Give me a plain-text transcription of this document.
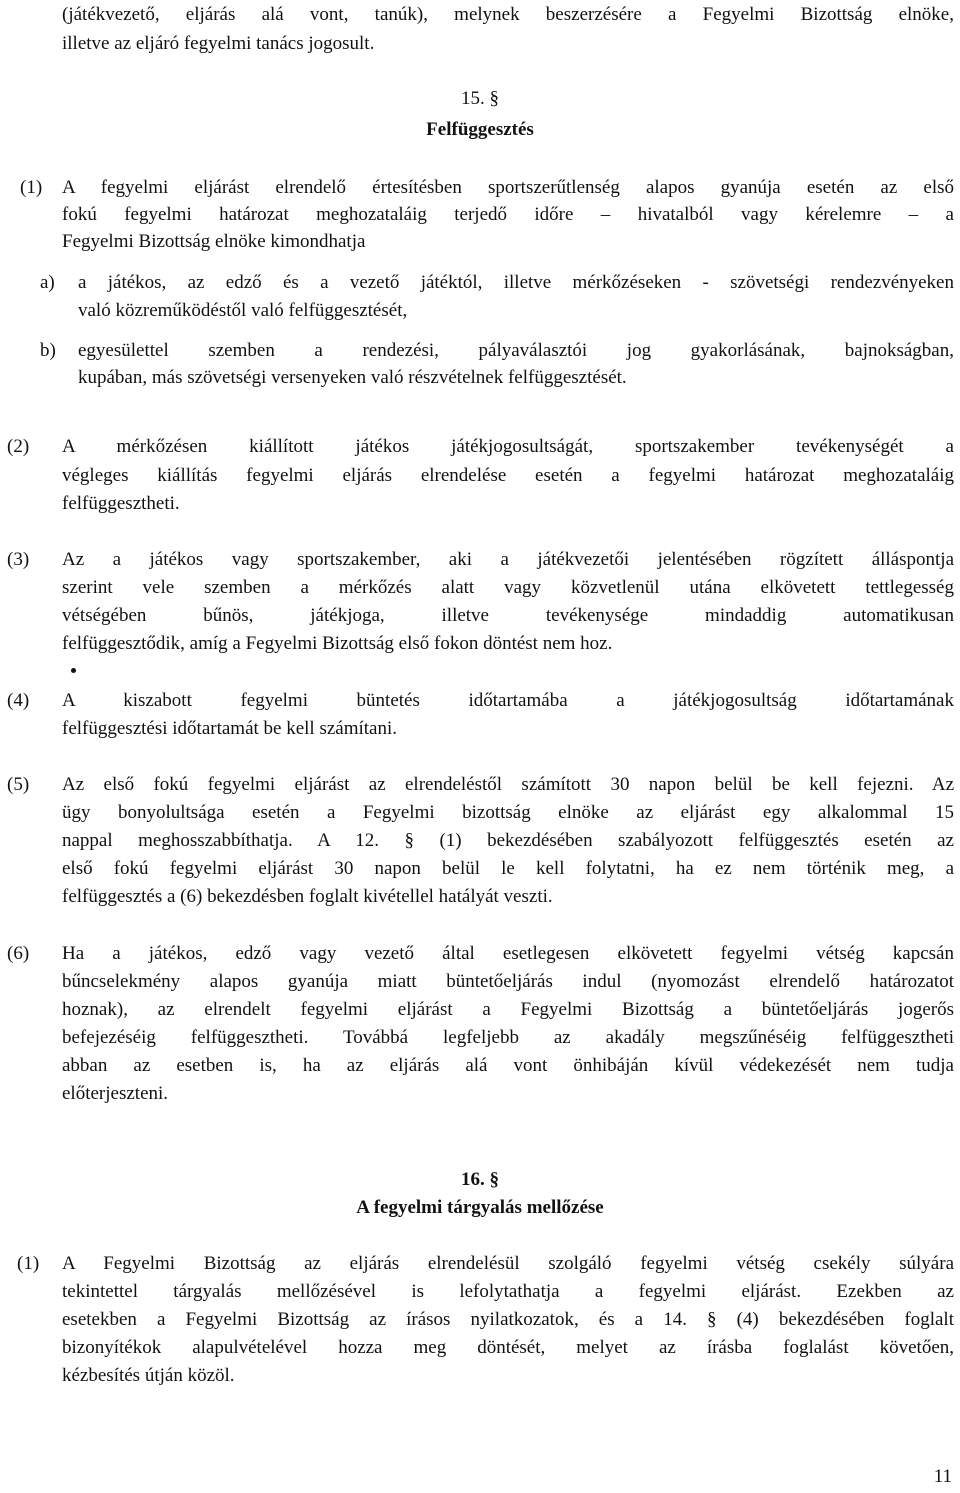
(játékvezető, eljárás alá vont, tanúk), melynek beszerzésére a Fegyelmi Bizottság elnöke,
illetve az eljáró fegyelmi tanács jogosult.
15. §
Felfüggesztés
(1) A fegyelmi eljárást elrendelő értesítésben sportszerűtlenség alapos gyanúja esetén az első
fokú fegyelmi határozat meghozataláig terjedő időre – hivatalból vagy kérelemre – a
Fegyelmi Bizottság elnöke kimondhatja
a) a játékos, az edző és a vezető játéktól, illetve mérkőzéseken - szövetségi rendezvényeken
való közreműködéstől való felfüggesztését,
b) egyesülettel szemben a rendezési, pályaválasztói jog gyakorlásának, bajnokságban,
kupában, más szövetségi versenyeken való részvételnek felfüggesztését.
(2) A mérkőzésen kiállított játékos játékjogosultságát, sportszakember tevékenységét a
végleges kiállítás fegyelmi eljárás elrendelése esetén a fegyelmi határozat meghozataláig
felfüggesztheti.
(3) Az a játékos vagy sportszakember, aki a játékvezetői jelentésében rögzített álláspontja
szerint vele szemben a mérkőzés alatt vagy közvetlenül utána elkövetett tettlegesség
vétségében bűnös, játékjoga, illetve tevékenysége mindaddig automatikusan
felfüggesztődik, amíg a Fegyelmi Bizottság első fokon döntést nem hoz.
(4) A kiszabott fegyelmi büntetés időtartamába a játékjogosultság időtartamának
felfüggesztési időtartamát be kell számítani.
(5) Az első fokú fegyelmi eljárást az elrendeléstől számított 30 napon belül be kell fejezni. Az
ügy bonyolultsága esetén a Fegyelmi bizottság elnöke az eljárást egy alkalommal 15
nappal meghosszabbíthatja. A 12. § (1) bekezdésében szabályozott felfüggesztés esetén az
első fokú fegyelmi eljárást 30 napon belül le kell folytatni, ha ez nem történik meg, a
felfüggesztés a (6) bekezdésben foglalt kivétellel hatályát veszti.
(6) Ha a játékos, edző vagy vezető által esetlegesen elkövetett fegyelmi vétség kapcsán
bűncselekmény alapos gyanúja miatt büntetőeljárás indul (nyomozást elrendelő határozatot
hoznak), az elrendelt fegyelmi eljárást a Fegyelmi Bizottság a büntetőeljárás jogerős
befejezéséig felfüggesztheti. Továbbá legfeljebb az akadály megszűnéséig felfüggesztheti
abban az esetben is, ha az eljárás alá vont önhibáján kívül védekezését nem tudja
előterjeszteni.
16. §
A fegyelmi tárgyalás mellőzése
(1) A Fegyelmi Bizottság az eljárás elrendelésül szolgáló fegyelmi vétség csekély súlyára
tekintettel tárgyalás mellőzésével is lefolytathatja a fegyelmi eljárást. Ezekben az
esetekben a Fegyelmi Bizottság az írásos nyilatkozatok, és a 14. § (4) bekezdésében foglalt
bizonyítékok alapulvételével hozza meg döntését, melyet az írásba foglalást követően,
kézbesítés útján közöl.
11
